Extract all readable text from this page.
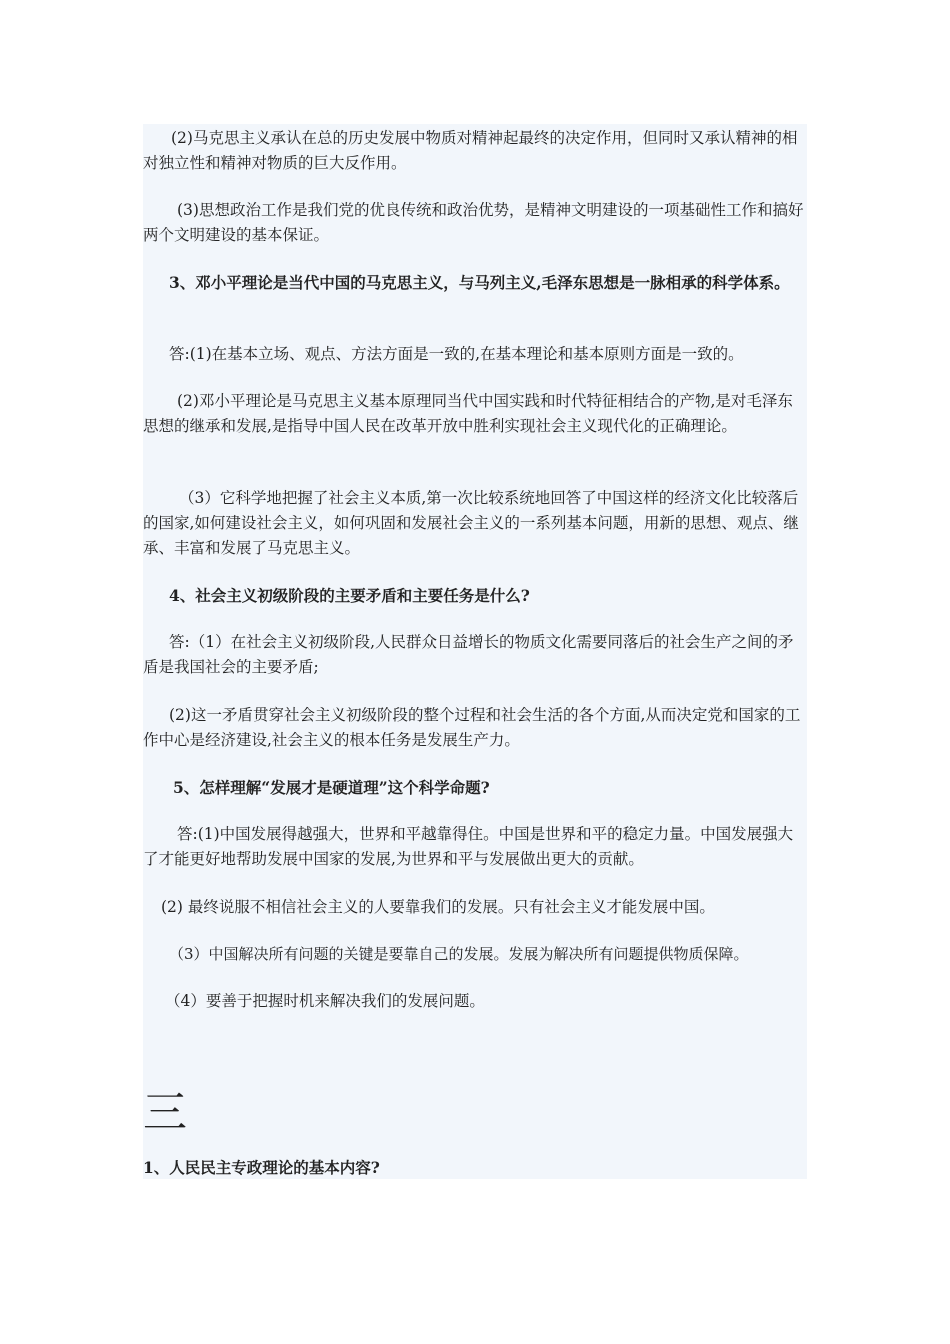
(2)马克思主义承认在总的历史发展中物质对精神起最终的决定作用，但同时又承认精神的相对独立性和精神对物质的巨大反作用。

(3)思想政治工作是我们党的优良传统和政治优势，是精神文明建设的一项基础性工作和搞好两个文明建设的基本保证。

3、邓小平理论是当代中国的马克思主义，与马列主义,毛泽东思想是一脉相承的科学体系。

答:(1)在基本立场、观点、方法方面是一致的,在基本理论和基本原则方面是一致的。

(2)邓小平理论是马克思主义基本原理同当代中国实践和时代特征相结合的产物,是对毛泽东思想的继承和发展,是指导中国人民在改革开放中胜利实现社会主义现代化的正确理论。

（3）它科学地把握了社会主义本质,第一次比较系统地回答了中国这样的经济文化比较落后的国家,如何建设社会主义，如何巩固和发展社会主义的一系列基本问题，用新的思想、观点、继承、丰富和发展了马克思主义。

4、社会主义初级阶段的主要矛盾和主要任务是什么?

答:（1）在社会主义初级阶段,人民群众日益增长的物质文化需要同落后的社会生产之间的矛盾是我国社会的主要矛盾;

(2)这一矛盾贯穿社会主义初级阶段的整个过程和社会生活的各个方面,从而决定党和国家的工作中心是经济建设,社会主义的根本任务是发展生产力。

5、怎样理解“发展才是硬道理”这个科学命题?

答:(1)中国发展得越强大，世界和平越靠得住。中国是世界和平的稳定力量。中国发展强大了才能更好地帮助发展中国家的发展,为世界和平与发展做出更大的贡献。

(2) 最终说服不相信社会主义的人要靠我们的发展。只有社会主义才能发展中国。

（3）中国解决所有问题的关键是要靠自己的发展。发展为解决所有问题提供物质保障。

（4）要善于把握时机来解决我们的发展问题。

三

1、人民民主专政理论的基本内容?
